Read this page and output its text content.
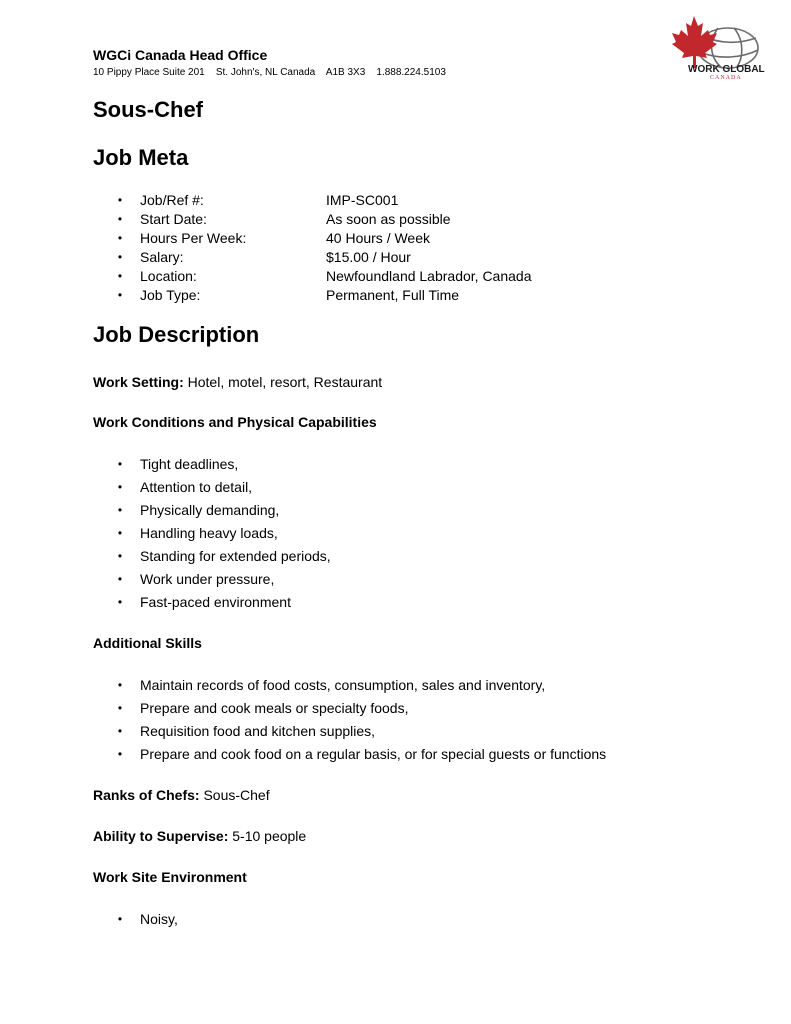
WGCi Canada Head Office
10 Pippy Place Suite 201    St. John's, NL Canada    A1B 3X3    1.888.224.5103	WORK GLOBAL
CANADA
Sous-Chef
Job Meta
• Job/Ref #:	IMP-SC001
• Start Date:	As soon as possible
• Hours Per Week:	40 Hours / Week
• Salary:	$15.00 / Hour
• Location:	Newfoundland Labrador, Canada
• Job Type:	Permanent, Full Time
Job Description
Work Setting: Hotel, motel, resort, Restaurant
Work Conditions and Physical Capabilities
• Tight deadlines,
• Attention to detail,
• Physically demanding,
• Handling heavy loads,
• Standing for extended periods,
• Work under pressure,
• Fast-paced environment
Additional Skills
• Maintain records of food costs, consumption, sales and inventory,
• Prepare and cook meals or specialty foods,
• Requisition food and kitchen supplies,
• Prepare and cook food on a regular basis, or for special guests or functions
Ranks of Chefs: Sous-Chef
Ability to Supervise: 5-10 people
Work Site Environment
• Noisy,
